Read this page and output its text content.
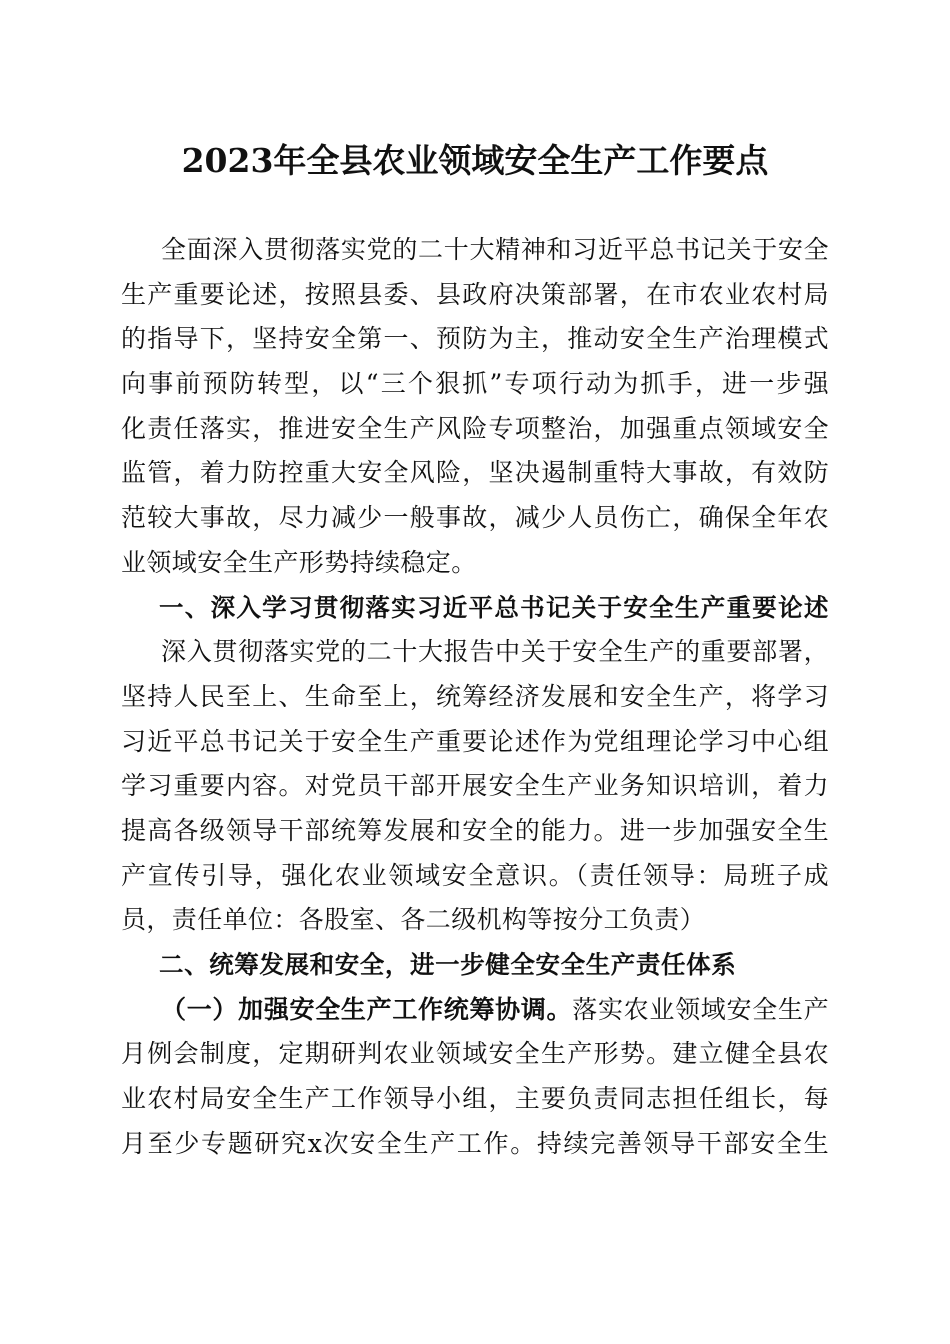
2023年全县农业领域安全生产工作要点
全面深入贯彻落实党的二十大精神和习近平总书记关于安全
生产重要论述，按照县委、县政府决策部署，在市农业农村局
的指导下，坚持安全第一、预防为主，推动安全生产治理模式
向事前预防转型，以“三个狠抓”专项行动为抓手，进一步强
化责任落实，推进安全生产风险专项整治，加强重点领域安全
监管，着力防控重大安全风险，坚决遏制重特大事故，有效防
范较大事故，尽力减少一般事故，减少人员伤亡，确保全年农
业领域安全生产形势持续稳定。
一、深入学习贯彻落实习近平总书记关于安全生产重要论述
深入贯彻落实党的二十大报告中关于安全生产的重要部署，
坚持人民至上、生命至上，统筹经济发展和安全生产，将学习
习近平总书记关于安全生产重要论述作为党组理论学习中心组
学习重要内容。对党员干部开展安全生产业务知识培训，着力
提高各级领导干部统筹发展和安全的能力。进一步加强安全生
产宣传引导，强化农业领域安全意识。（责任领导：局班子成
员，责任单位：各股室、各二级机构等按分工负责）
二、统筹发展和安全，进一步健全安全生产责任体系
（一）加强安全生产工作统筹协调。落实农业领域安全生产
月例会制度，定期研判农业领域安全生产形势。建立健全县农
业农村局安全生产工作领导小组，主要负责同志担任组长，每
月至少专题研究x次安全生产工作。持续完善领导干部安全生
